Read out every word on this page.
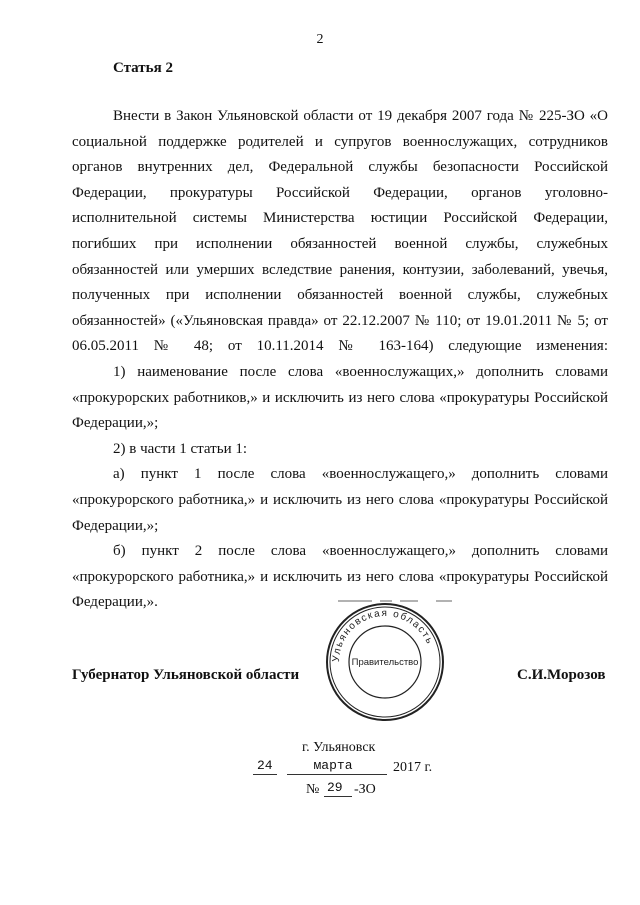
2
Статья 2

Внести в Закон Ульяновской области от 19 декабря 2007 года № 225-ЗО «О социальной поддержке родителей и супругов военнослужащих, сотрудников органов внутренних дел, Федеральной службы безопасности Российской Федерации, прокуратуры Российской Федерации, органов уголовно-исполнительной системы Министерства юстиции Российской Федерации, погибших при исполнении обязанностей военной службы, служебных обязанностей или умерших вследствие ранения, контузии, заболеваний, увечья, полученных при исполнении обязанностей военной службы, служебных обязанностей» («Ульяновская правда» от 22.12.2007 № 110; от 19.01.2011 № 5; от 06.05.2011 № 48; от 10.11.2014 № 163-164) следующие изменения:

1) наименование после слова «военнослужащих,» дополнить словами «прокурорских работников,» и исключить из него слова «прокуратуры Российской Федерации,»;

2) в части 1 статьи 1:

а) пункт 1 после слова «военнослужащего,» дополнить словами «прокурорского работника,» и исключить из него слова «прокуратуры Российской Федерации,»;

б) пункт 2 после слова «военнослужащего,» дополнить словами «прокурорского работника,» и исключить из него слова «прокуратуры Российской Федерации,».

Ульяновская область
Правительство
Губернатор Ульяновской области	С.И.Морозов
г. Ульяновск
24	марта	2017 г.
№ 29 -ЗО
